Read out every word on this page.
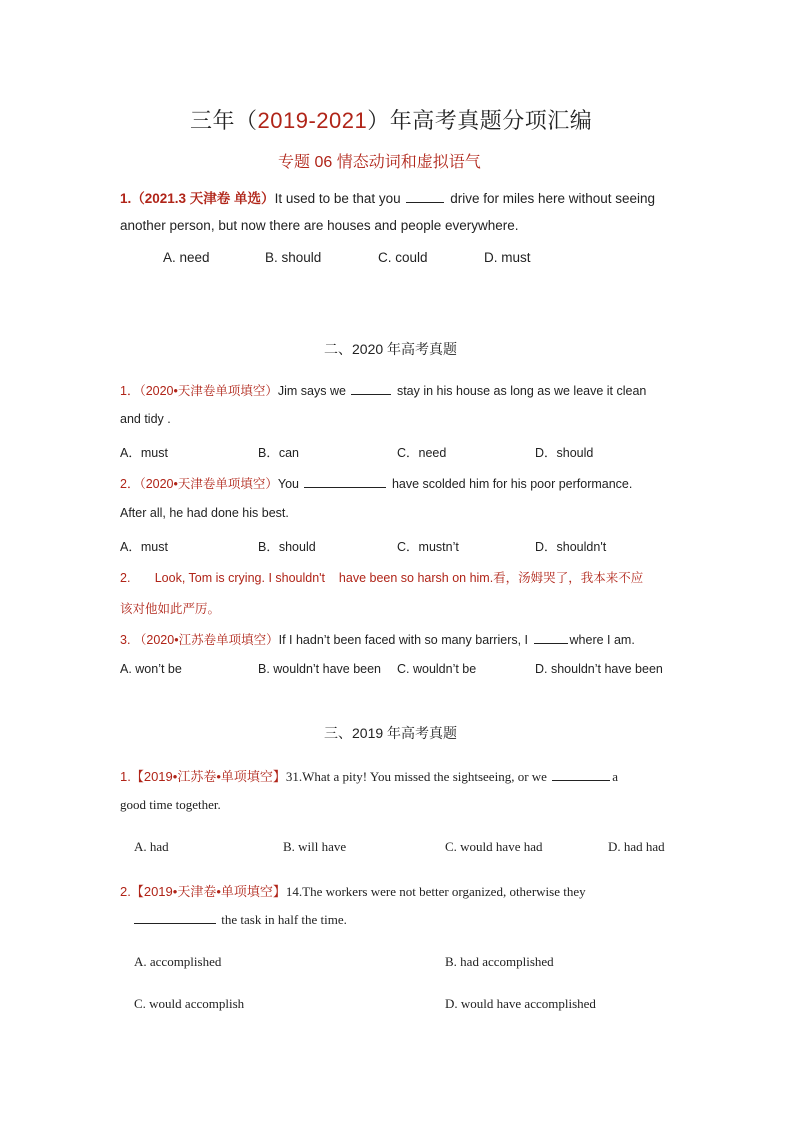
三年（2019-2021）年高考真题分项汇编
专题 06 情态动词和虚拟语气
1.（2021.3 天津卷 单选）It used to be that you	drive for miles here without seeing
another person, but now there are houses and people everywhere.
A. need	B. should	C. could	D. must
二、2020 年高考真题
1．（2020•天津卷单项填空）Jim says we	stay in his house as long as we leave it clean
and tidy .
A．must	B．can	C．need	D．should
2．（2020•天津卷单项填空）You	have scolded him for his poor performance.
After all, he had done his best.
A．must	B．should	C．mustn’t	D．shouldn't
2.       Look, Tom is crying. I shouldn't    have been so harsh on him.看，汤姆哭了，我本来不应
该对他如此严厉。
3. （2020•江苏卷单项填空）If I hadn’t been faced with so many barriers, I	where I am.
A. won’t be	B. wouldn’t have been C. wouldn’t be	D. shouldn’t have been
三、2019 年高考真题
1.【2019•江苏卷•单项填空】31.What a pity! You missed the sightseeing, or we	a
good time together.
A. had	B. will have	C. would have had	D. had had
2.【2019•天津卷•单项填空】14.The workers were not better organized, otherwise they
the task in half the time.
A. accomplished	B. had accomplished
C. would accomplish	D. would have accomplished
